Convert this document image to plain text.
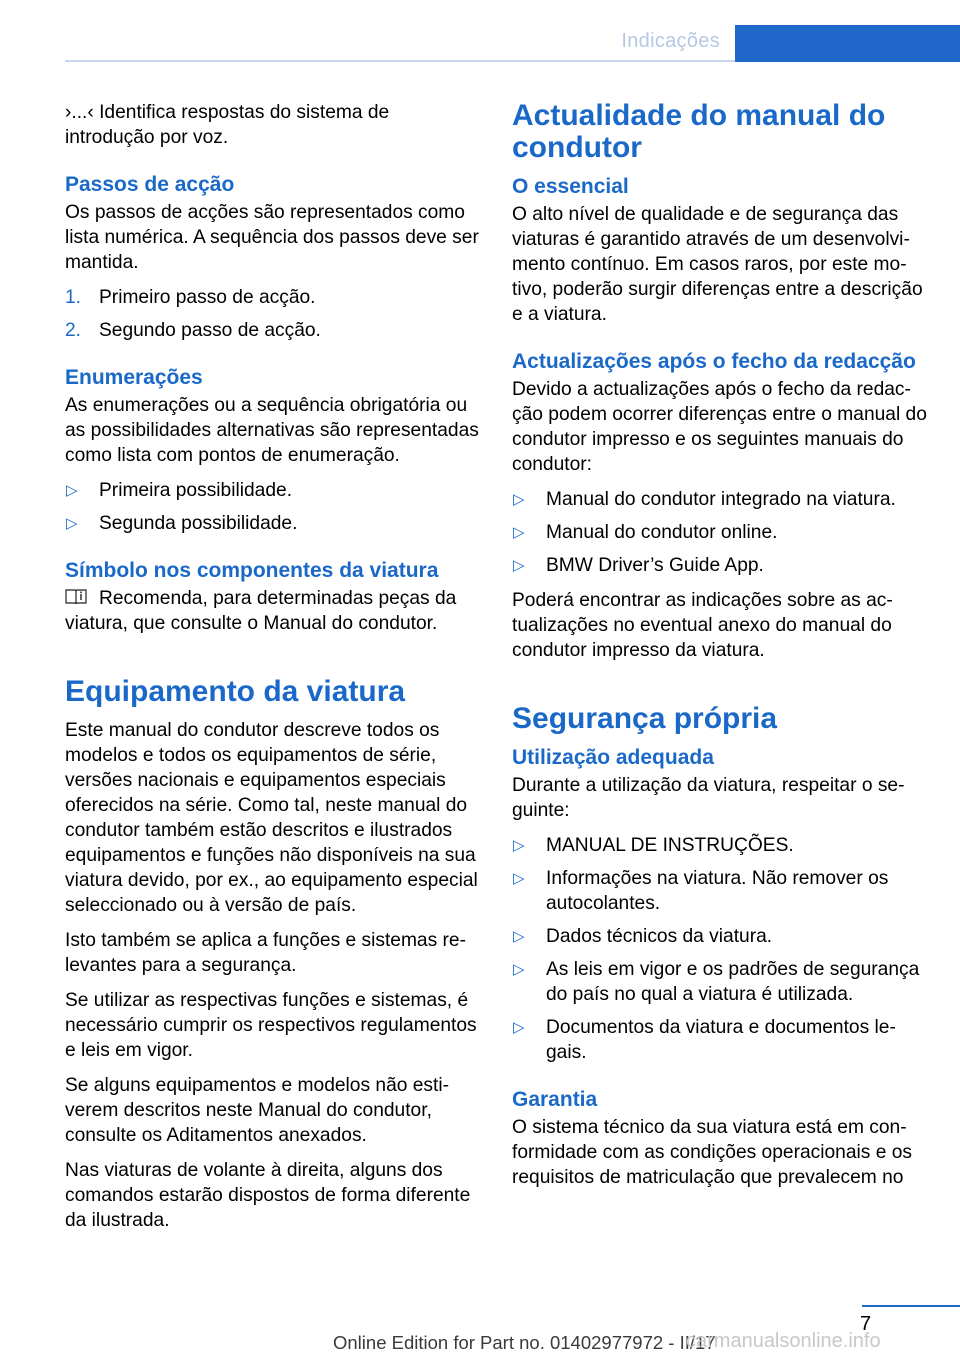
Indicações

›...‹ Identifica respostas do sistema de introdução por voz.

Passos de acção

Os passos de acções são representados como lista numérica. A sequência dos passos deve ser mantida.

1. Primeiro passo de acção.
2. Segundo passo de acção.
Enumerações

As enumerações ou a sequência obrigatória ou as possibilidades alternativas são representadas como lista com pontos de enumeração.

▷ Primeira possibilidade.
▷ Segunda possibilidade.
Símbolo nos componentes da viatura

Recomenda, para determinadas peças da viatura, que consulte o Manual do condutor.

Equipamento da viatura

Este manual do condutor descreve todos os modelos e todos os equipamentos de série, versões nacionais e equipamentos especiais oferecidos na série. Como tal, neste manual do condutor também estão descritos e ilustrados equipamentos e funções não disponíveis na sua viatura devido, por ex., ao equipamento especial seleccionado ou à versão de país.

Isto também se aplica a funções e sistemas relevantes para a segurança.

Se utilizar as respectivas funções e sistemas, é necessário cumprir os respectivos regulamentos e leis em vigor.

Se alguns equipamentos e modelos não estiverem descritos neste Manual do condutor, consulte os Aditamentos anexados.

Nas viaturas de volante à direita, alguns dos comandos estarão dispostos de forma diferente da ilustrada.

Actualidade do manual do condutor
O essencial

O alto nível de qualidade e de segurança das viaturas é garantido através de um desenvolvimento contínuo. Em casos raros, por este motivo, poderão surgir diferenças entre a descrição e a viatura.

Actualizações após o fecho da redacção

Devido a actualizações após o fecho da redacção podem ocorrer diferenças entre o manual do condutor impresso e os seguintes manuais do condutor:

▷ Manual do condutor integrado na viatura.
▷ Manual do condutor online.
▷ BMW Driver’s Guide App.

Poderá encontrar as indicações sobre as actualizações no eventual anexo do manual do condutor impresso da viatura.

Segurança própria
Utilização adequada

Durante a utilização da viatura, respeitar o seguinte:

▷ MANUAL DE INSTRUÇÕES.
▷ Informações na viatura. Não remover os autocolantes.
▷ Dados técnicos da viatura.
▷ As leis em vigor e os padrões de segurança do país no qual a viatura é utilizada.
▷ Documentos da viatura e documentos legais.
Garantia

O sistema técnico da sua viatura está em conformidade com as condições operacionais e os requisitos de matriculação que prevalecem no

7
Online Edition for Part no. 01402977972 - II/17
carmanualsonline.info
